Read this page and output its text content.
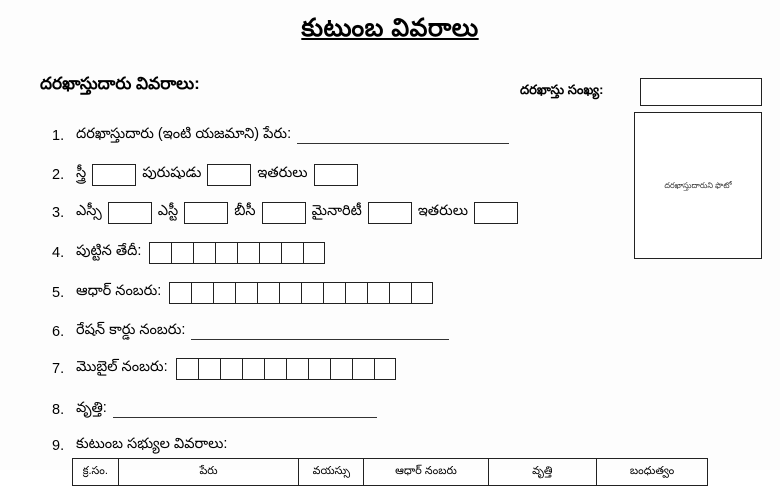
కుటుంబ వివరాలు
దరఖాస్తుదారు వివరాలు:	దరఖాస్తు సంఖ్య:
దరఖాస్తుదారుని ఫొటో
1. దరఖాస్తుదారు (ఇంటి యజమాని) పేరు:
2. స్త్రీ	పురుషుడు	ఇతరులు
3. ఎస్సీ	ఎస్టీ	బీసీ	మైనారిటీ	ఇతరులు
4. పుట్టిన తేదీ:
5. ఆధార్ నంబరు:
6. రేషన్ కార్డు నంబరు:
7. మొబైల్ నంబరు:
8. వృత్తి:
9. కుటుంబ సభ్యుల వివరాలు:
క్ర.సం.	పేరు	వయస్సు	ఆధార్ నంబరు	వృత్తి	బంధుత్వం
